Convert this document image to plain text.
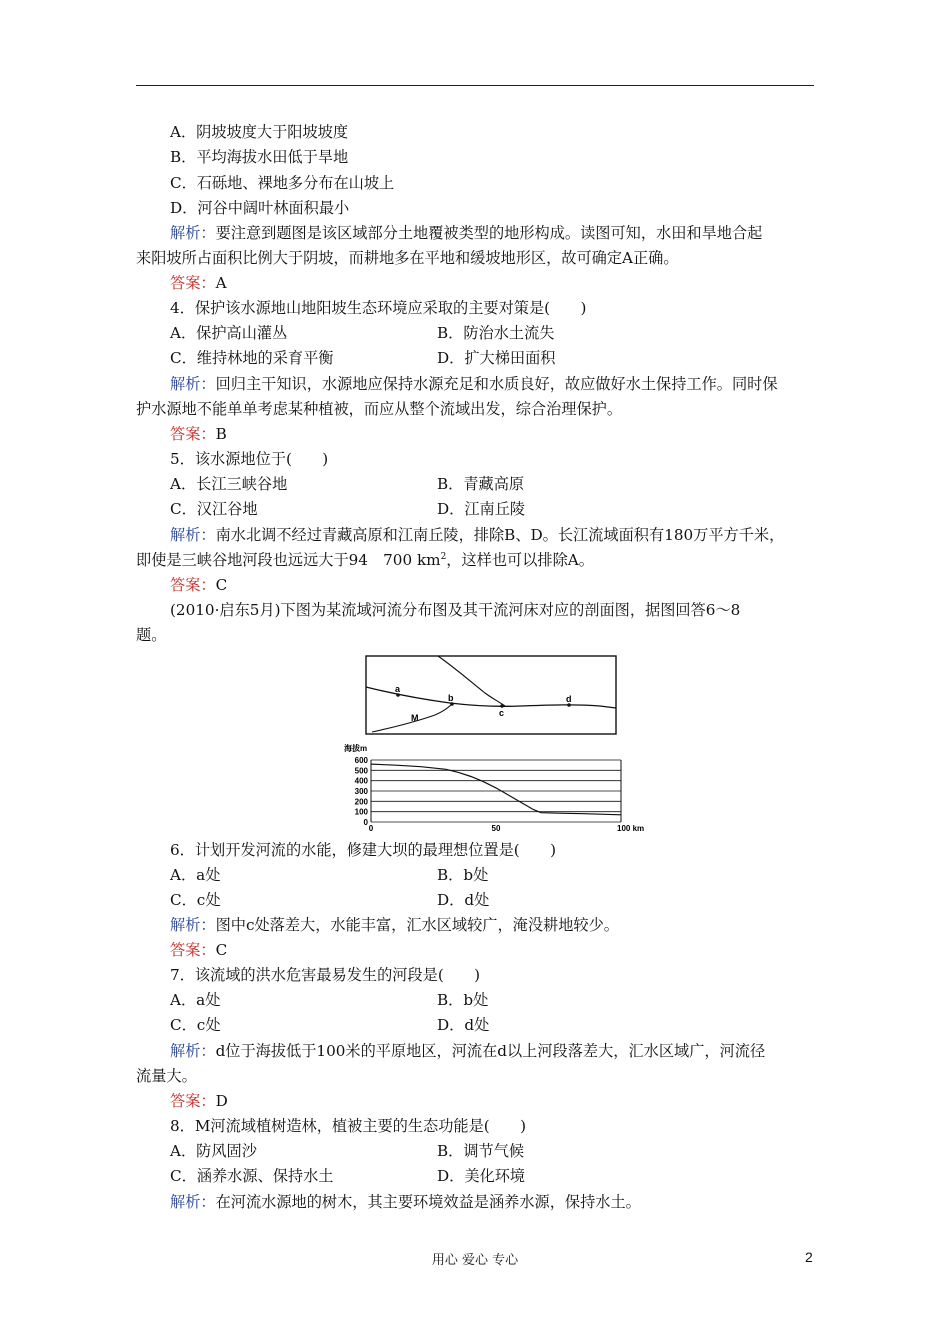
A．阴坡坡度大于阳坡坡度
B．平均海拔水田低于旱地
C．石砾地、裸地多分布在山坡上
D．河谷中阔叶林面积最小
解析：要注意到题图是该区域部分土地覆被类型的地形构成。读图可知，水田和旱地合起
来阳坡所占面积比例大于阴坡，而耕地多在平地和缓坡地形区，故可确定A正确。
答案：A
4．保护该水源地山地阳坡生态环境应采取的主要对策是(　　)
A．保护高山灌丛	B．防治水土流失
C．维持林地的采育平衡	D．扩大梯田面积
解析：回归主干知识，水源地应保持水源充足和水质良好，故应做好水土保持工作。同时保
护水源地不能单单考虑某种植被，而应从整个流域出发，综合治理保护。
答案：B
5．该水源地位于(　　)
A．长江三峡谷地	B．青藏高原
C．汉江谷地	D．江南丘陵
解析：南水北调不经过青藏高原和江南丘陵，排除B、D。长江流域面积有180万平方千米，
即使是三峡谷地河段也远远大于94　700 $km^2$，这样也可以排除A。
答案：C
(2010·启东5月)下图为某流域河流分布图及其干流河床对应的剖面图，据图回答6～8
题。
a
b
c
d
M
海拔m
600
500
400
300
200
100
0
0	50	100 km
6．计划开发河流的水能，修建大坝的最理想位置是(　　)
A．a处	B．b处
C．c处	D．d处
解析：图中c处落差大，水能丰富，汇水区域较广，淹没耕地较少。
答案：C
7．该流域的洪水危害最易发生的河段是(　　)
A．a处	B．b处
C．c处	D．d处
解析：d位于海拔低于100米的平原地区，河流在d以上河段落差大，汇水区域广，河流径
流量大。
答案：D
8．M河流域植树造林，植被主要的生态功能是(　　)
A．防风固沙	B．调节气候
C．涵养水源、保持水土	D．美化环境
解析：在河流水源地的树木，其主要环境效益是涵养水源，保持水土。
用心 爱心 专心	2
